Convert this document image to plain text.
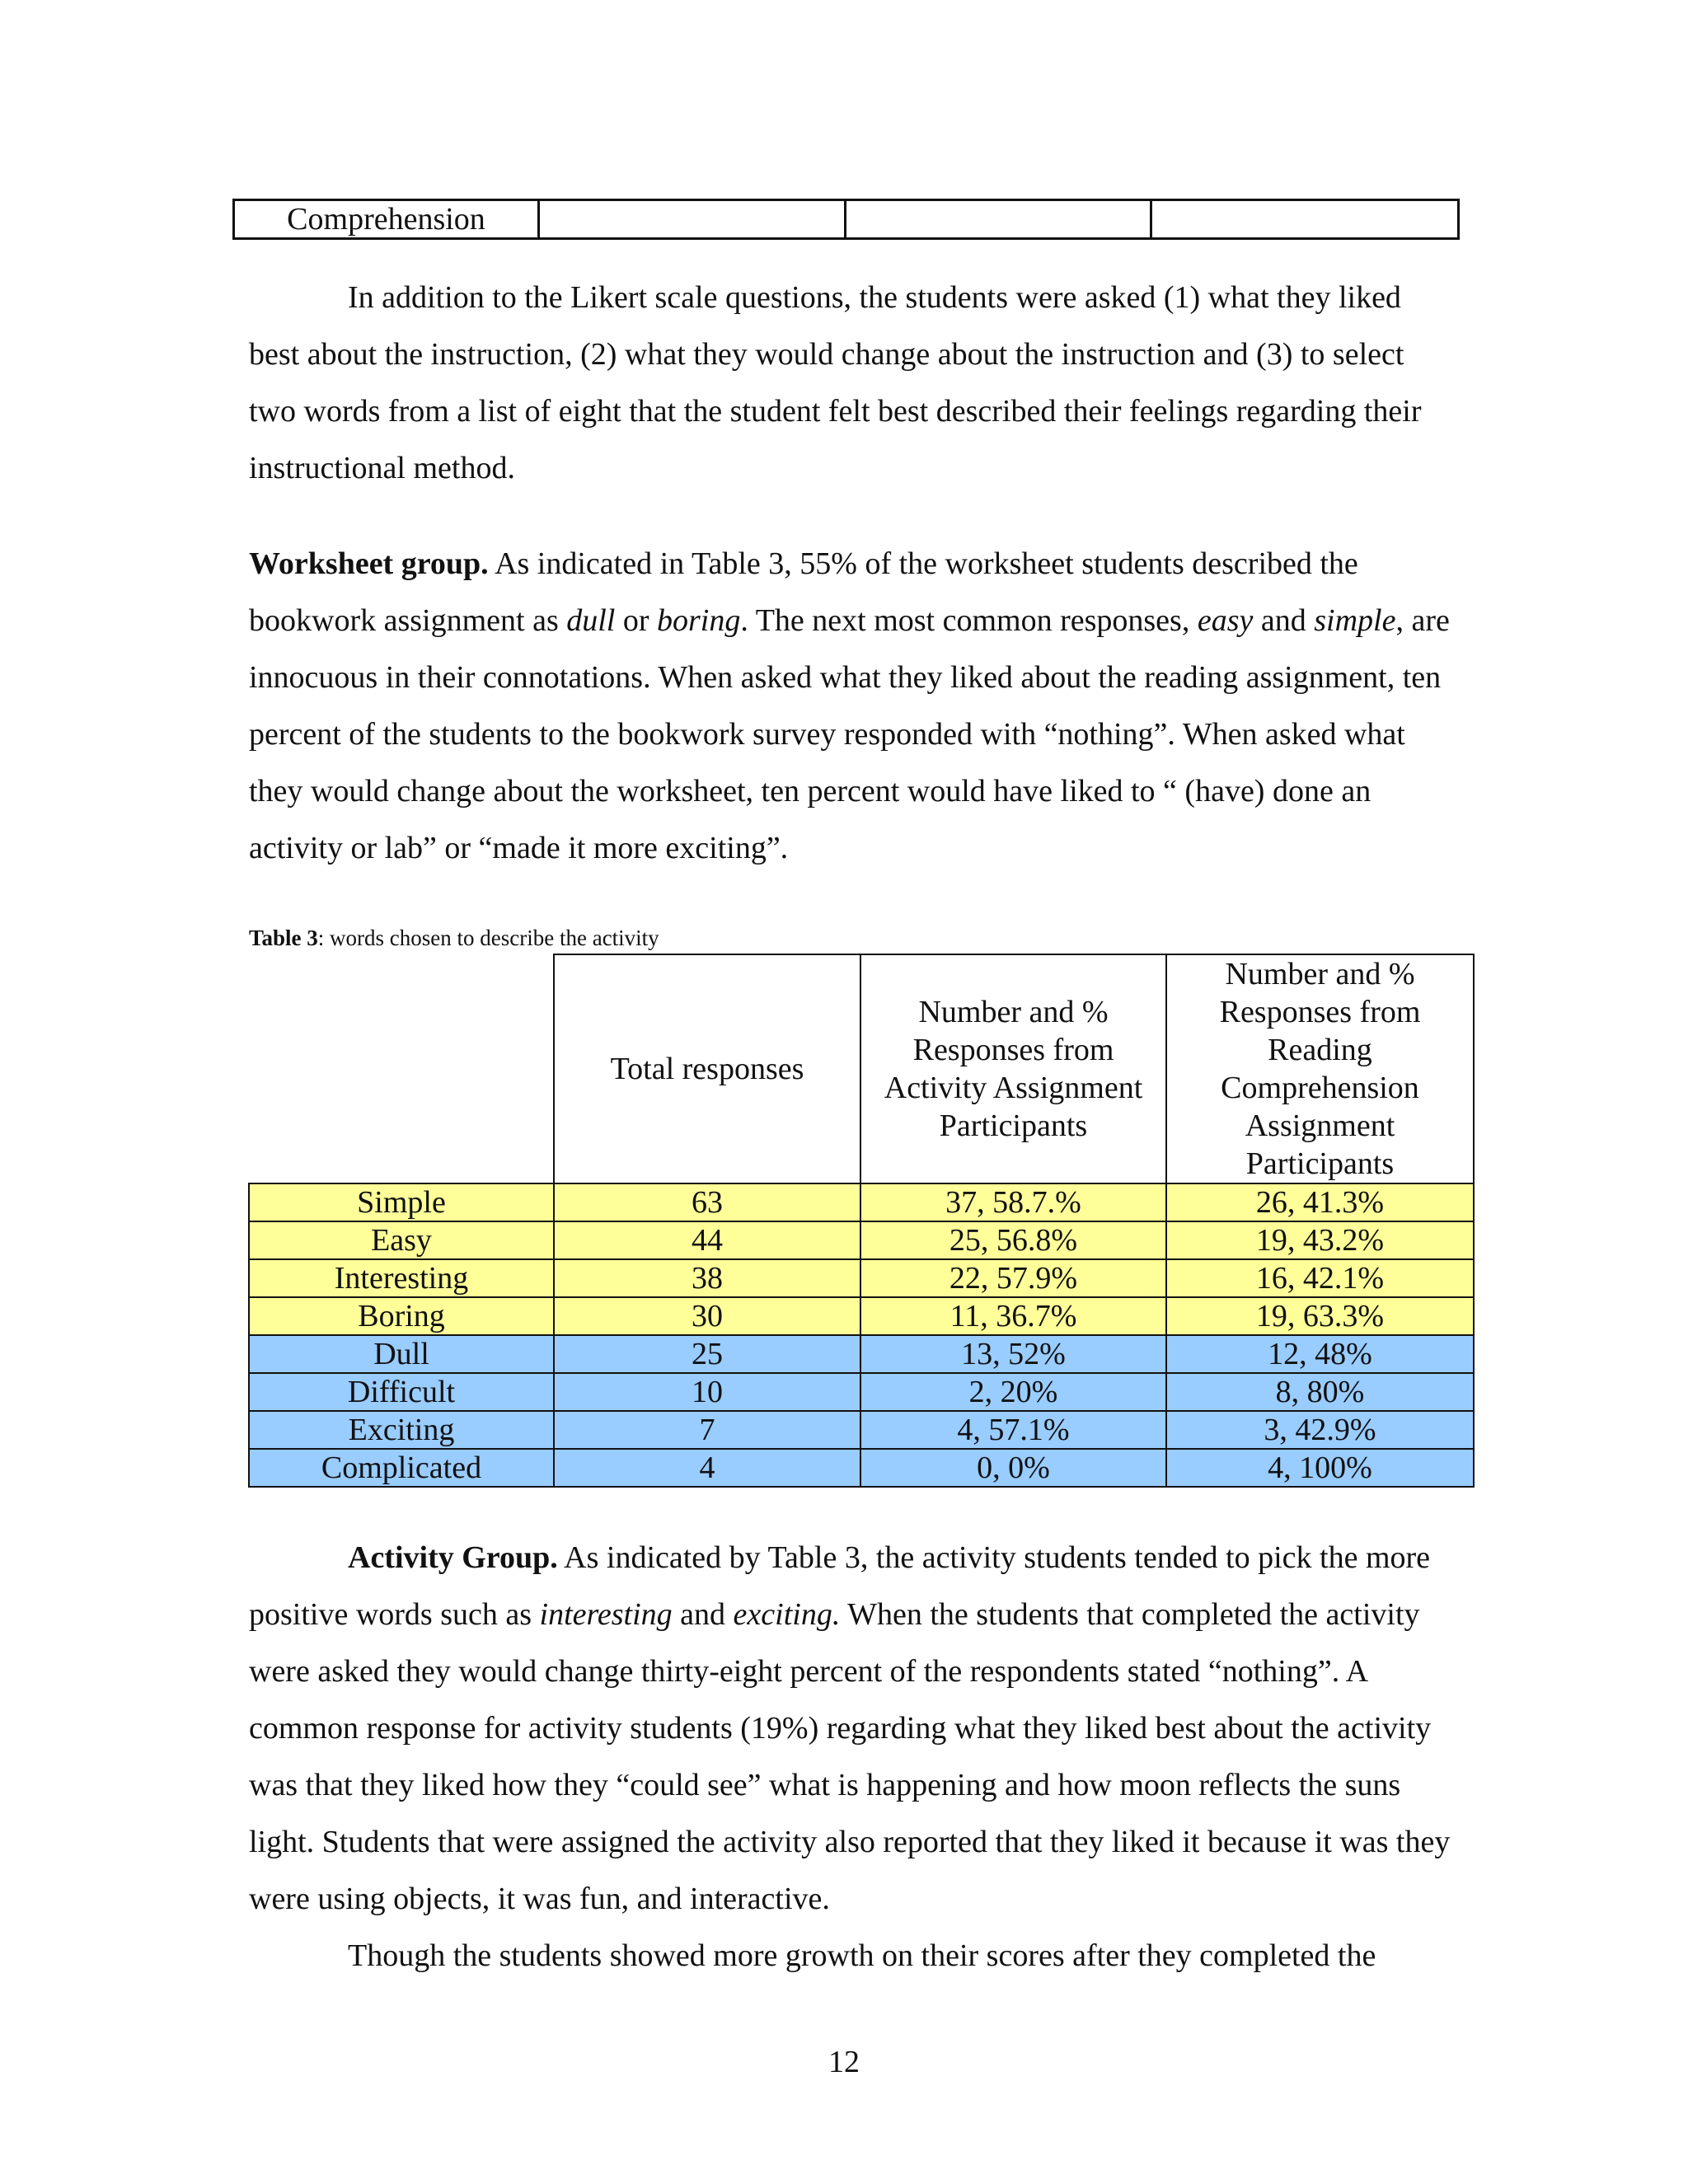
Comprehension			

In addition to the Likert scale questions, the students were asked (1) what they liked best about the instruction, (2) what they would change about the instruction and (3) to select two words from a list of eight that the student felt best described their feelings regarding their instructional method.

Worksheet group. As indicated in Table 3, 55% of the worksheet students described the bookwork assignment as dull or boring. The next most common responses, easy and simple, are innocuous in their connotations. When asked what they liked about the reading assignment, ten percent of the students to the bookwork survey responded with “nothing”. When asked what they would change about the worksheet, ten percent would have liked to “ (have) done an activity or lab” or “made it more exciting”.

Table 3: words chosen to describe the activity

	Total responses	Number and % Responses from Activity Assignment Participants	Number and % Responses from Reading Comprehension Assignment Participants
Simple	63	37, 58.7.%	26, 41.3%
Easy	44	25, 56.8%	19, 43.2%
Interesting	38	22, 57.9%	16, 42.1%
Boring	30	11, 36.7%	19, 63.3%
Dull	25	13, 52%	12, 48%
Difficult	10	2, 20%	8, 80%
Exciting	7	4, 57.1%	3, 42.9%
Complicated	4	0, 0%	4, 100%

Activity Group. As indicated by Table 3, the activity students tended to pick the more positive words such as interesting and exciting. When the students that completed the activity were asked they would change thirty-eight percent of the respondents stated “nothing”. A common response for activity students (19%) regarding what they liked best about the activity was that they liked how they “could see” what is happening and how moon reflects the suns light. Students that were assigned the activity also reported that they liked it because it was they were using objects, it was fun, and interactive.

Though the students showed more growth on their scores after they completed the

12
